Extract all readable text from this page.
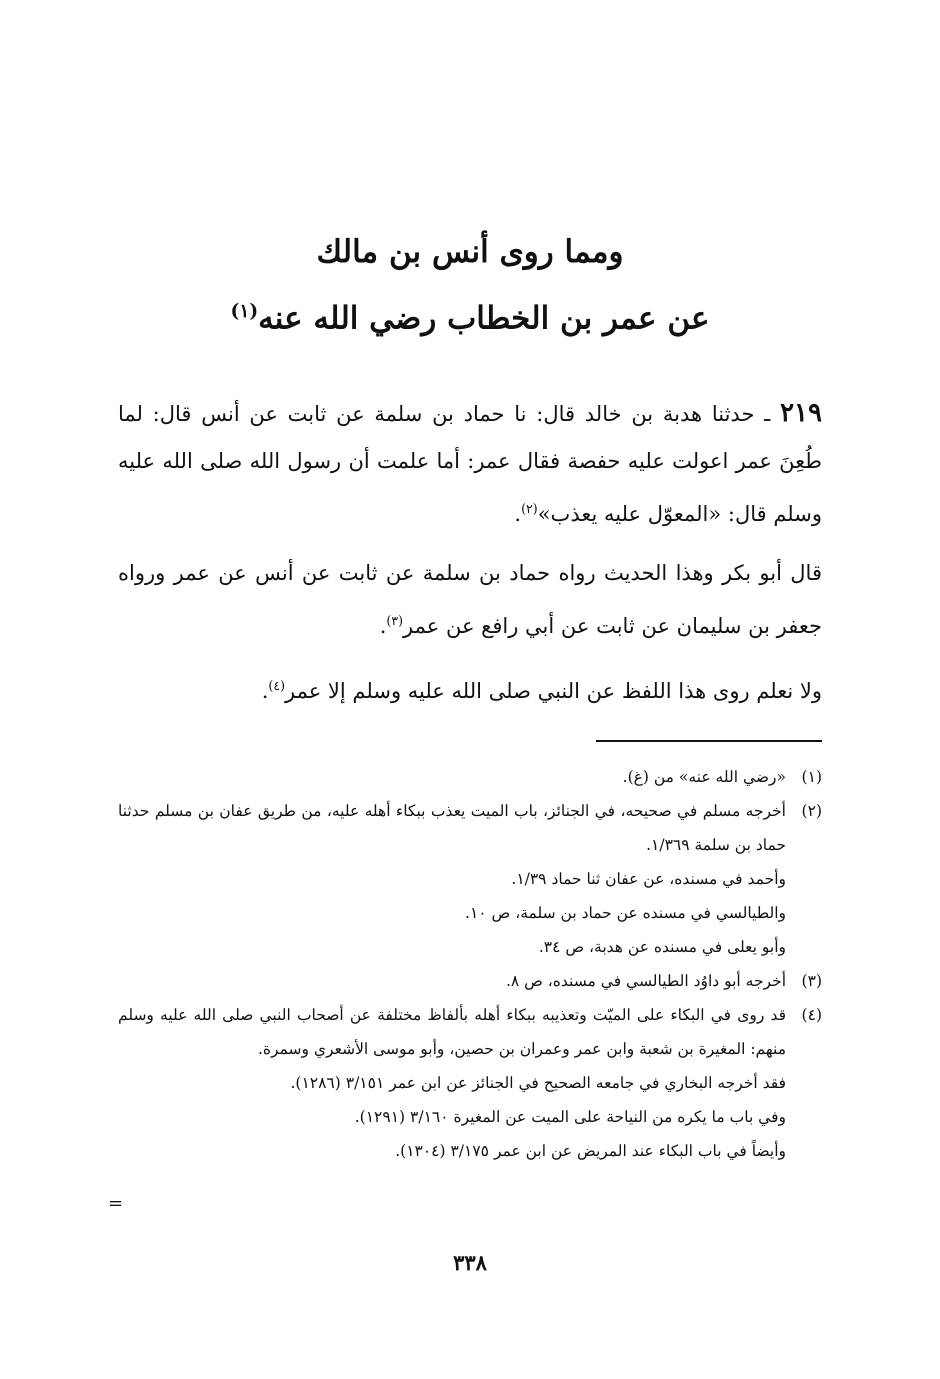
ومما روى أنس بن مالك
عن عمر بن الخطاب رضي الله عنه$^{(١)}$

٢١٩ ـ حدثنا هدبة بن خالد قال: نا حماد بن سلمة عن ثابت عن أنس قال: لما طُعِنَ عمر اعولت عليه حفصة فقال عمر: أما علمت أن رسول الله صلى الله عليه وسلم قال: «المعوّل عليه يعذب»$^{(٢)}$.

قال أبو بكر وهذا الحديث رواه حماد بن سلمة عن ثابت عن أنس عن عمر ورواه جعفر بن سليمان عن ثابت عن أبي رافع عن عمر$^{(٣)}$.

ولا نعلم روى هذا اللفظ عن النبي صلى الله عليه وسلم إلا عمر$^{(٤)}$.

(١)
«رضي الله عنه» من (غ).
(٢)
أخرجه مسلم في صحيحه، في الجنائز، باب الميت يعذب ببكاء أهله عليه، من طريق عفان بن مسلم حدثنا حماد بن سلمة ١/٣٦٩.
وأحمد في مسنده، عن عفان ثنا حماد ١/٣٩.
والطيالسي في مسنده عن حماد بن سلمة، ص ١٠.
وأبو يعلى في مسنده عن هدبة، ص ٣٤.
(٣)
أخرجه أبو داوُد الطيالسي في مسنده، ص ٨.
(٤)
قد روى في البكاء على الميّت وتعذيبه ببكاء أهله بألفاظ مختلفة عن أصحاب النبي صلى الله عليه وسلم منهم: المغيرة بن شعبة وابن عمر وعمران بن حصين، وأبو موسى الأشعري وسمرة.
فقد أخرجه البخاري في جامعه الصحيح في الجنائز عن ابن عمر ٣/١٥١ (١٢٨٦).
وفي باب ما يكره من النياحة على الميت عن المغيرة ٣/١٦٠ (١٢٩١).
وأيضاً في باب البكاء عند المريض عن ابن عمر ٣/١٧٥ (١٣٠٤).
=
٣٣٨
